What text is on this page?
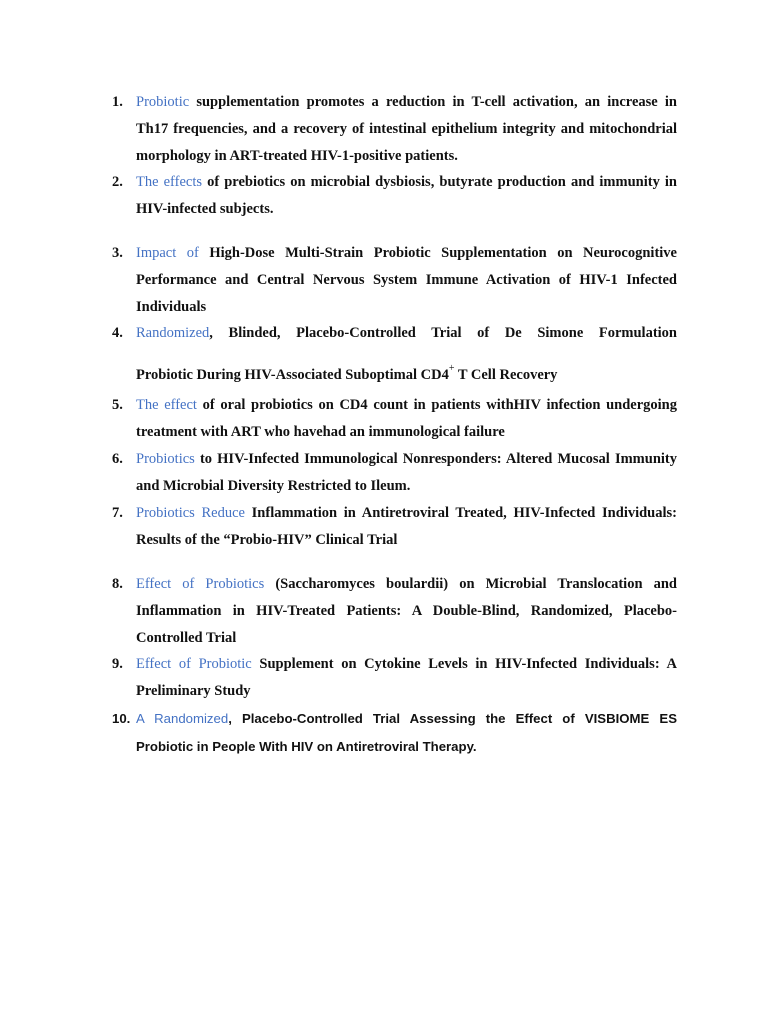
1. Probiotic supplementation promotes a reduction in T-cell activation, an increase in Th17 frequencies, and a recovery of intestinal epithelium integrity and mitochondrial morphology in ART-treated HIV-1-positive patients.
2. The effects of prebiotics on microbial dysbiosis, butyrate production and immunity in HIV-infected subjects.
3. Impact of High-Dose Multi-Strain Probiotic Supplementation on Neurocognitive Performance and Central Nervous System Immune Activation of HIV-1 Infected Individuals
4. Randomized, Blinded, Placebo-Controlled Trial of De Simone Formulation
Probiotic During HIV-Associated Suboptimal CD4+ T Cell Recovery
5. The effect of oral probiotics on CD4 count in patients withHIV infection undergoing treatment with ART who havehad an immunological failure
6. Probiotics to HIV-Infected Immunological Nonresponders: Altered Mucosal Immunity and Microbial Diversity Restricted to Ileum.
7. Probiotics Reduce Inflammation in Antiretroviral Treated, HIV-Infected Individuals: Results of the “Probio-HIV” Clinical Trial
8. Effect of Probiotics (Saccharomyces boulardii) on Microbial Translocation and Inflammation in HIV-Treated Patients: A Double-Blind, Randomized, Placebo-Controlled Trial
9. Effect of Probiotic Supplement on Cytokine Levels in HIV-Infected Individuals: A Preliminary Study
10. A Randomized, Placebo-Controlled Trial Assessing the Effect of VISBIOME ES Probiotic in People With HIV on Antiretroviral Therapy.
